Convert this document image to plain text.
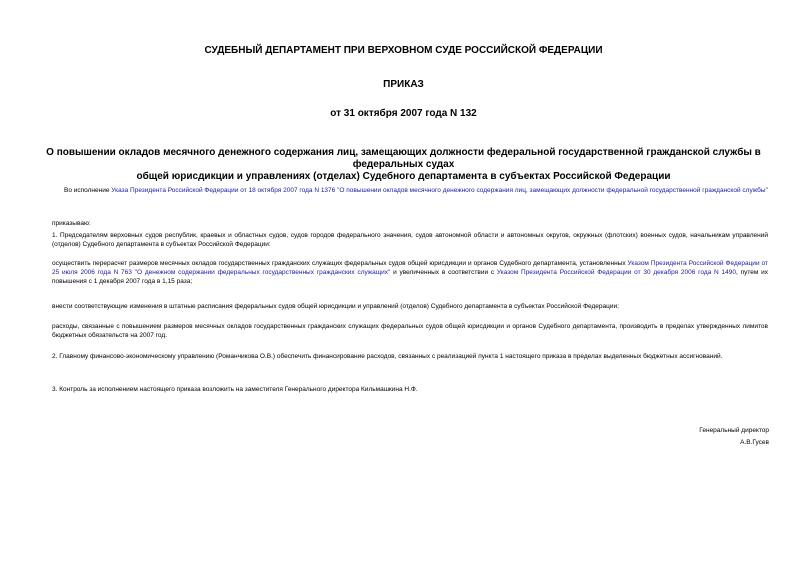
СУДЕБНЫЙ ДЕПАРТАМЕНТ ПРИ ВЕРХОВНОМ СУДЕ РОССИЙСКОЙ ФЕДЕРАЦИИ
ПРИКАЗ
от 31 октября 2007 года N 132
О повышении окладов месячного денежного содержания лиц, замещающих должности федеральной государственной гражданской службы в федеральных судах
общей юрисдикции и управлениях (отделах) Судебного департамента в субъектах Российской Федерации
Во исполнение Указа Президента Российской Федерации от 18 октября 2007 года N 1376 "О повышении окладов месячного денежного содержания лиц, замещающих должности федеральной государственной гражданской службы"
приказываю:
1. Председателям верховных судов республик, краевых и областных судов, судов городов федерального значения, судов автономной области и автономных округов, окружных (флотских) военных судов, начальникам управлений (отделов) Судебного департамента в субъектах Российской Федерации:
осуществить перерасчет размеров месячных окладов государственных гражданских служащих федеральных судов общей юрисдикции и органов Судебного департамента, установленных Указом Президента Российской Федерации от 25 июля 2006 года N 763 "О денежном содержании федеральных государственных гражданских служащих" и увеличенных в соответствии с Указом Президента Российской Федерации от 30 декабря 2006 года N 1490, путем их повышения с 1 декабря 2007 года в 1,15 раза;
внести соответствующие изменения в штатные расписания федеральных судов общей юрисдикции и управлений (отделов) Судебного департамента в субъектах Российской Федерации;
расходы, связанные с повышением размеров месячных окладов государственных гражданских служащих федеральных судов общей юрисдикции и органов Судебного департамента, производить в пределах утвержденных лимитов бюджетных обязательств на 2007 год.
2. Главному финансово-экономическому управлению (Романчикова О.В.) обеспечить финансирование расходов, связанных с реализацией пункта 1 настоящего приказа в пределах выделенных бюджетных ассигнований.
3. Контроль за исполнением настоящего приказа возложить на заместителя Генерального директора Кильмашкина Н.Ф.
Генеральный директор
А.В.Гусев
